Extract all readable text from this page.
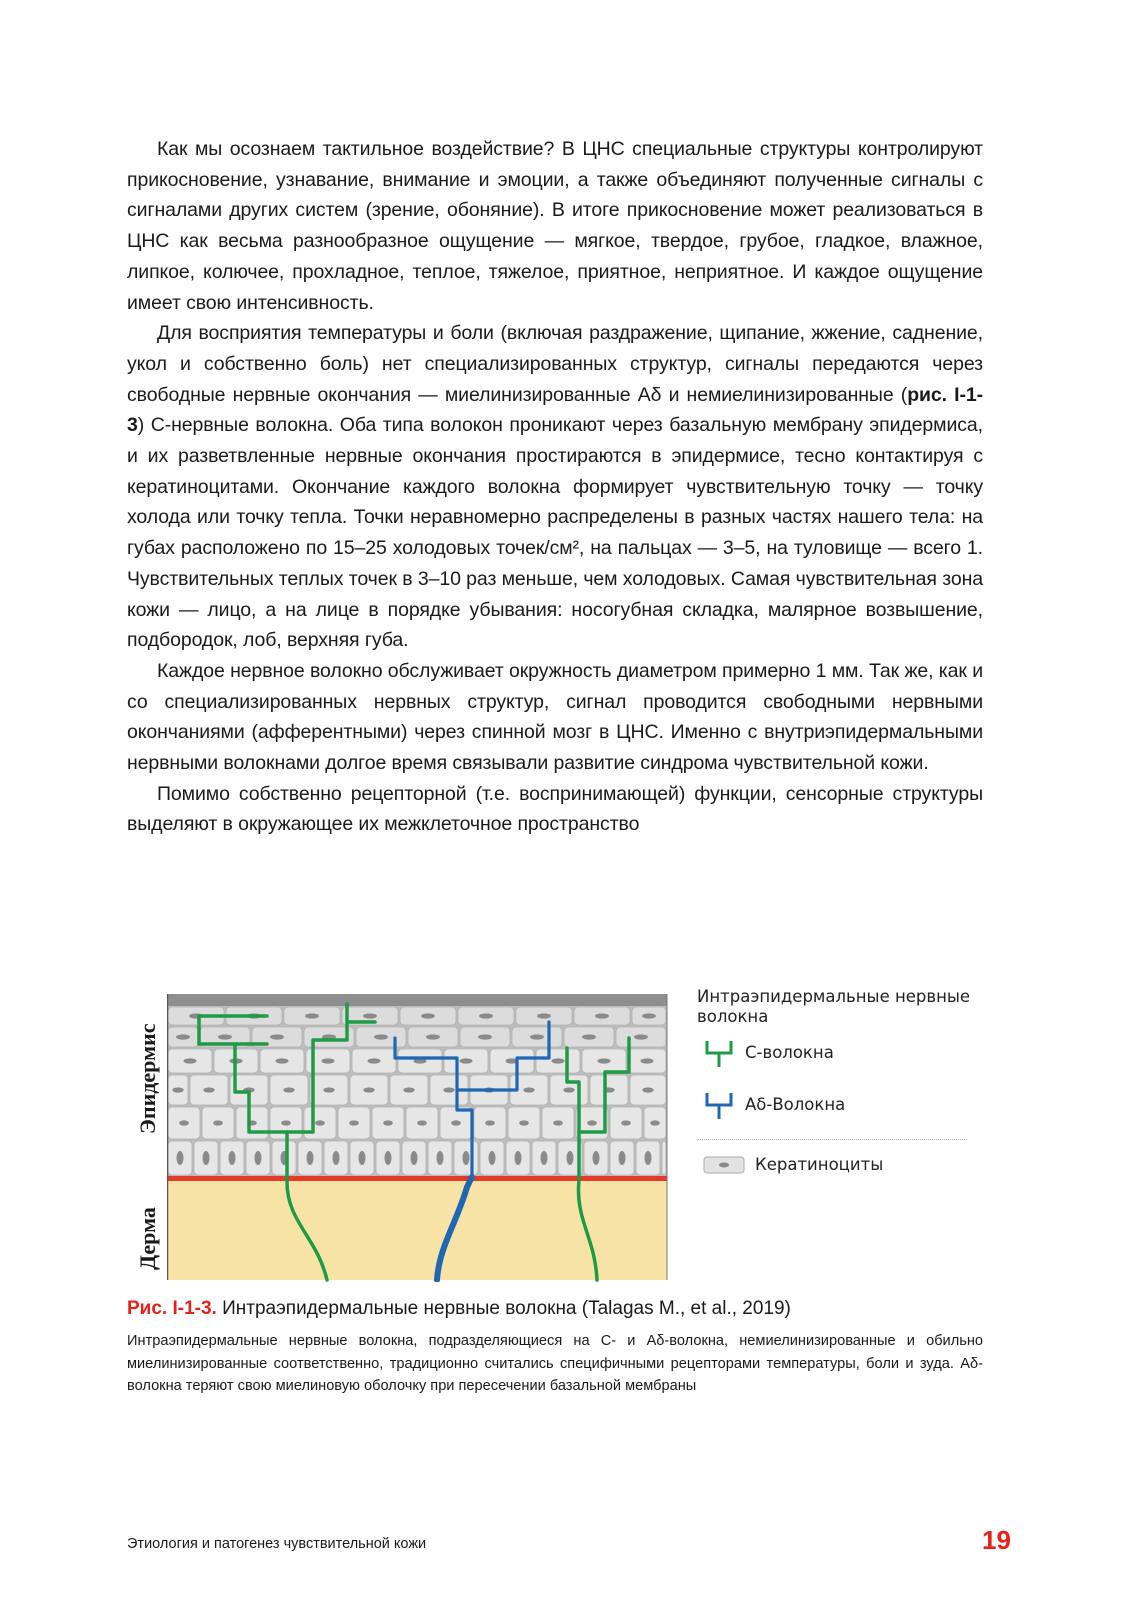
Как мы осознаем тактильное воздействие? В ЦНС специальные структуры контролируют прикосновение, узнавание, внимание и эмоции, а также объединяют полученные сигналы с сигналами других систем (зрение, обоняние). В итоге прикосновение может реализоваться в ЦНС как весьма разнообразное ощущение — мягкое, твердое, грубое, гладкое, влажное, липкое, колючее, прохладное, теплое, тяжелое, приятное, неприятное. И каждое ощущение имеет свою интенсивность.

Для восприятия температуры и боли (включая раздражение, щипание, жжение, саднение, укол и собственно боль) нет специализированных структур, сигналы передаются через свободные нервные окончания — миелинизированные Aδ и немиелинизированные (рис. I-1-3) С-нервные волокна. Оба типа волокон проникают через базальную мембрану эпидермиса, и их разветвленные нервные окончания простираются в эпидермисе, тесно контактируя с кератиноцитами. Окончание каждого волокна формирует чувствительную точку — точку холода или точку тепла. Точки неравномерно распределены в разных частях нашего тела: на губах расположено по 15–25 холодовых точек/см², на пальцах — 3–5, на туловище — всего 1. Чувствительных теплых точек в 3–10 раз меньше, чем холодовых. Самая чувствительная зона кожи — лицо, а на лице в порядке убывания: носогубная складка, малярное возвышение, подбородок, лоб, верхняя губа.

Каждое нервное волокно обслуживает окружность диаметром примерно 1 мм. Так же, как и со специализированных нервных структур, сигнал проводится свободными нервными окончаниями (афферентными) через спинной мозг в ЦНС. Именно с внутриэпидермальными нервными волокнами долгое время связывали развитие синдрома чувствительной кожи.

Помимо собственно рецепторной (т.е. воспринимающей) функции, сенсорные структуры выделяют в окружающее их межклеточное пространство

Эпидермис
Дерма
Интраэпидермальные нервные волокна
С-волокна
Aδ-Волокна
Кератиноциты
Рис. I-1-3. Интраэпидермальные нервные волокна (Talagas M., et al., 2019)
Интраэпидермальные нервные волокна, подразделяющиеся на С- и Aδ-волокна, немиелинизированные и обильно миелинизированные соответственно, традиционно считались специфичными рецепторами температуры, боли и зуда. Aδ-волокна теряют свою миелиновую оболочку при пересечении базальной мембраны
Этиология и патогенез чувствительной кожи	19
